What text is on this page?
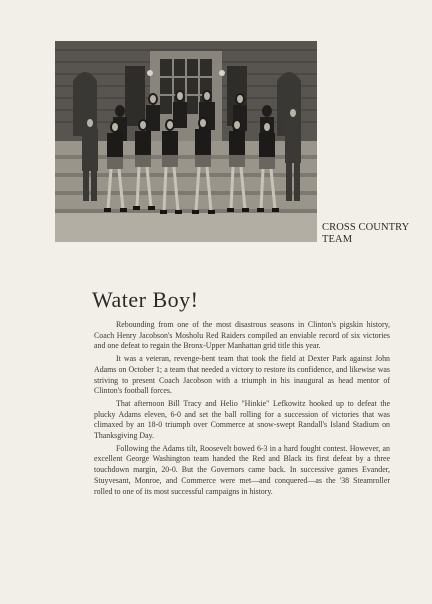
CROSS COUNTRY
TEAM
Water Boy!

Rebounding from one of the most disastrous seasons in Clinton's pigskin history, Coach Henry Jacobson's Mosholu Red Raiders compiled an enviable record of six victories and one defeat to regain the Bronx-Upper Manhattan grid title this year.

It was a veteran, revenge-bent team that took the field at Dexter Park against John Adams on October 1; a team that needed a victory to restore its confidence, and likewise was striving to present Coach Jacobson with a triumph in his inaugural as head mentor of Clinton's football forces.

That afternoon Bill Tracy and Helio "Hinkie" Lefkowitz hooked up to defeat the plucky Adams eleven, 6-0 and set the ball rolling for a succession of victories that was climaxed by an 18-0 triumph over Commerce at snow-swept Randall's Island Stadium on Thanksgiving Day.

Following the Adams tilt, Roosevelt bowed 6-3 in a hard fought contest. However, an excellent George Washington team handed the Red and Black its first defeat by a three touchdown margin, 20-0. But the Governors came back. In successive games Evander, Stuyvesant, Monroe, and Commerce were met—and conquered—as the '38 Steamroller rolled to one of its most successful campaigns in history.
